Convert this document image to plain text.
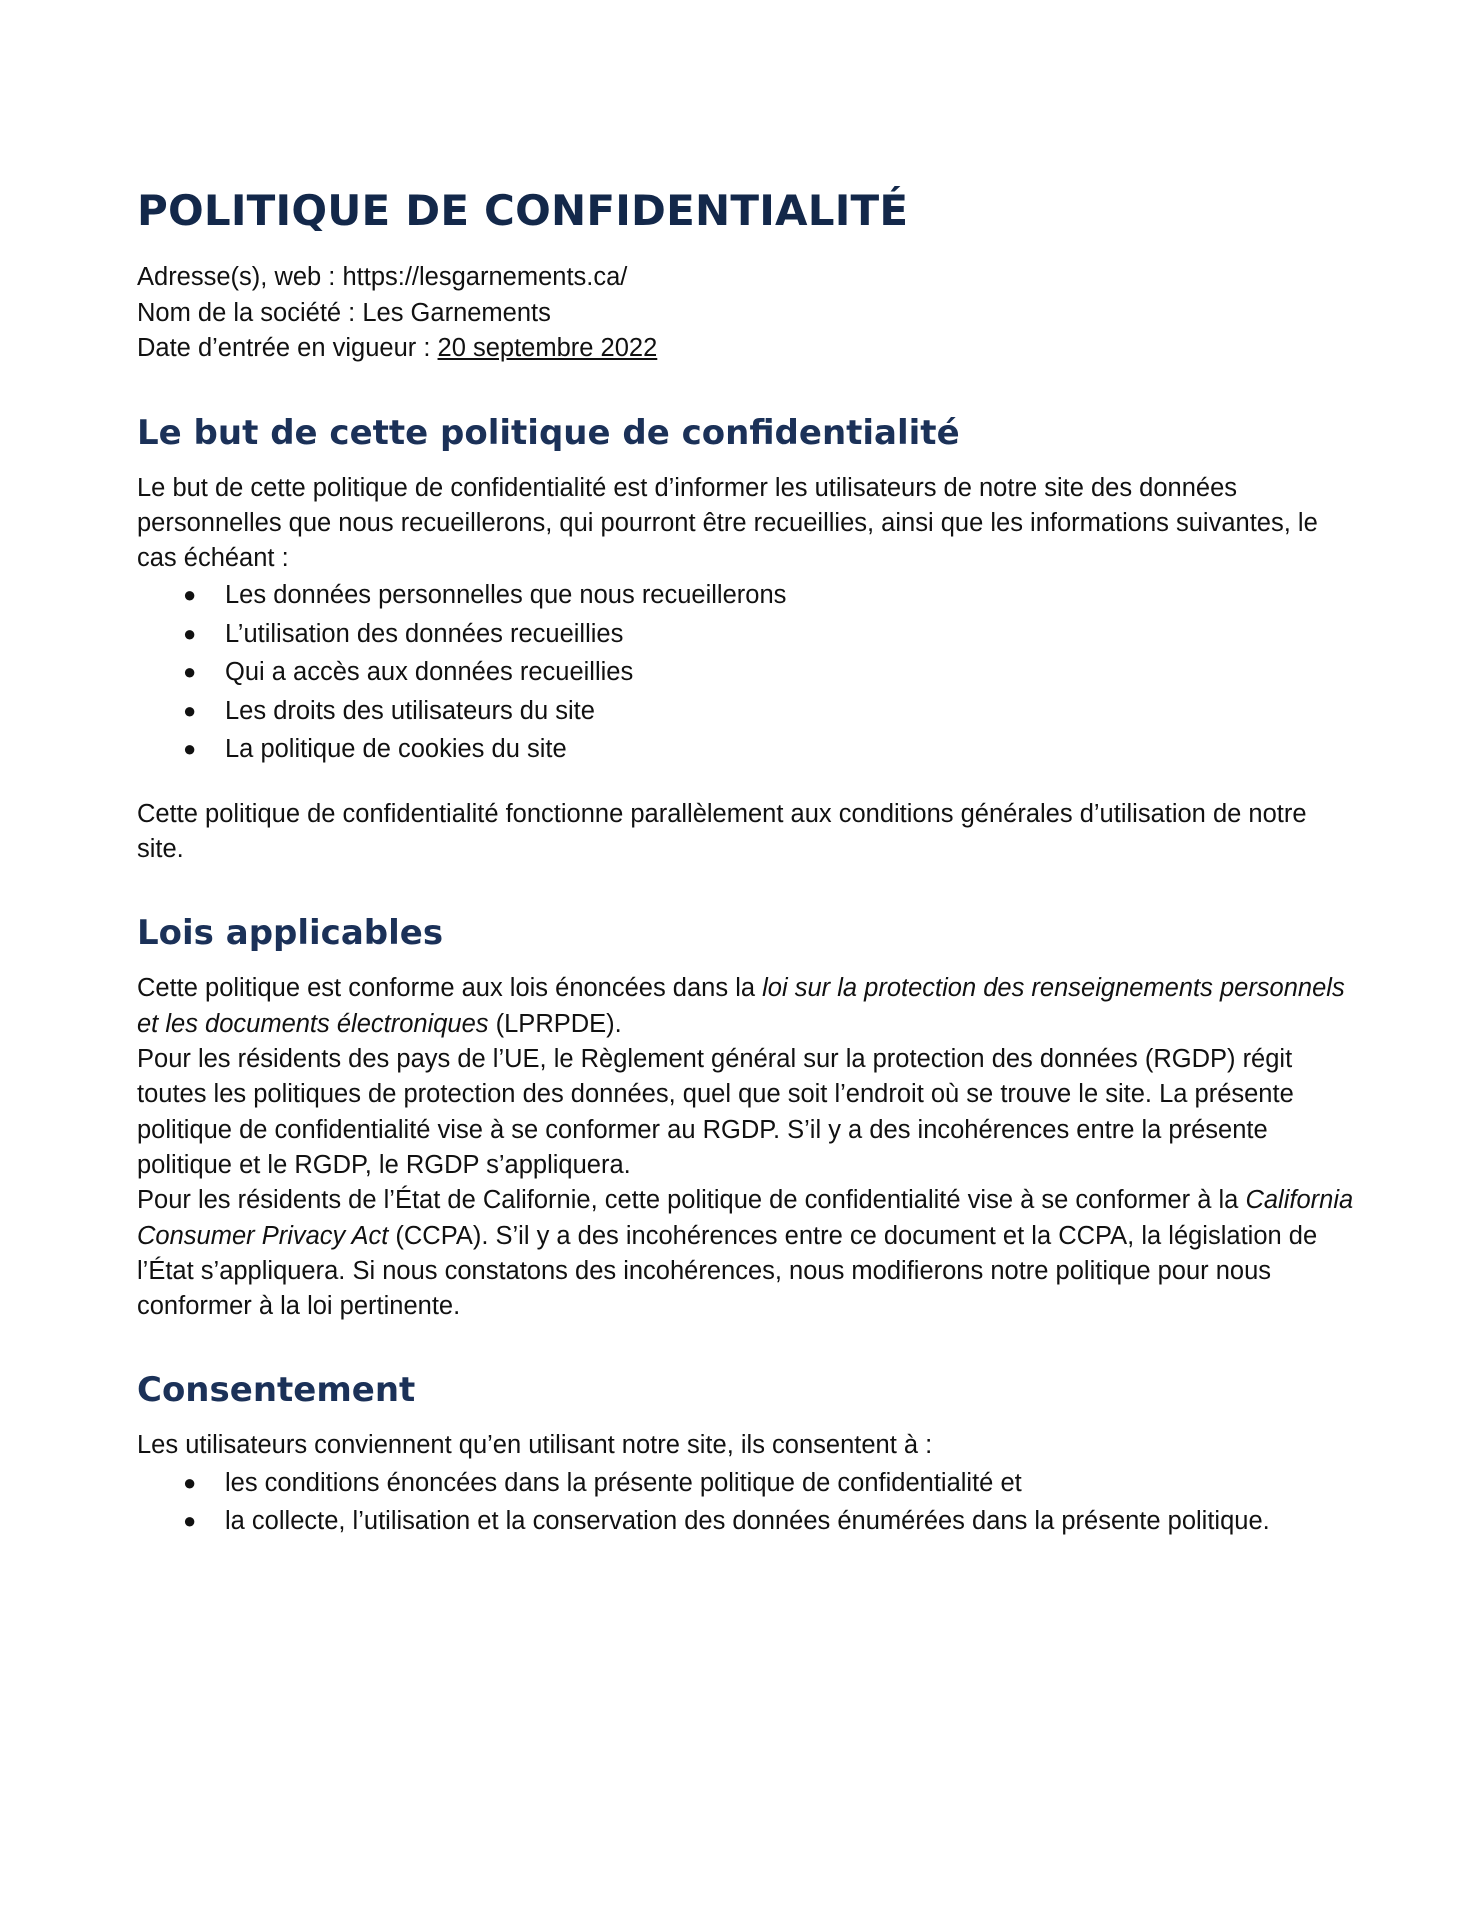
POLITIQUE DE CONFIDENTIALITÉ

Adresse(s), web : https://lesgarnements.ca/

Nom de la société : Les Garnements

Date d’entrée en vigueur : 20 septembre 2022

Le but de cette politique de confidentialité

Le but de cette politique de confidentialité est d’informer les utilisateurs de notre site des données personnelles que nous recueillerons, qui pourront être recueillies, ainsi que les informations suivantes, le cas échéant :

● Les données personnelles que nous recueillerons
● L’utilisation des données recueillies
● Qui a accès aux données recueillies
● Les droits des utilisateurs du site
● La politique de cookies du site

Cette politique de confidentialité fonctionne parallèlement aux conditions générales d’utilisation de notre site.

Lois applicables

Cette politique est conforme aux lois énoncées dans la loi sur la protection des renseignements personnels et les documents électroniques (LPRPDE).

Pour les résidents des pays de l’UE, le Règlement général sur la protection des données (RGDP) régit toutes les politiques de protection des données, quel que soit l’endroit où se trouve le site. La présente politique de confidentialité vise à se conformer au RGDP. S’il y a des incohérences entre la présente politique et le RGDP, le RGDP s’appliquera.

Pour les résidents de l’État de Californie, cette politique de confidentialité vise à se conformer à la California Consumer Privacy Act (CCPA). S’il y a des incohérences entre ce document et la CCPA, la législation de l’État s’appliquera. Si nous constatons des incohérences, nous modifierons notre politique pour nous conformer à la loi pertinente.

Consentement

Les utilisateurs conviennent qu’en utilisant notre site, ils consentent à :

● les conditions énoncées dans la présente politique de confidentialité et
● la collecte, l’utilisation et la conservation des données énumérées dans la présente politique.
